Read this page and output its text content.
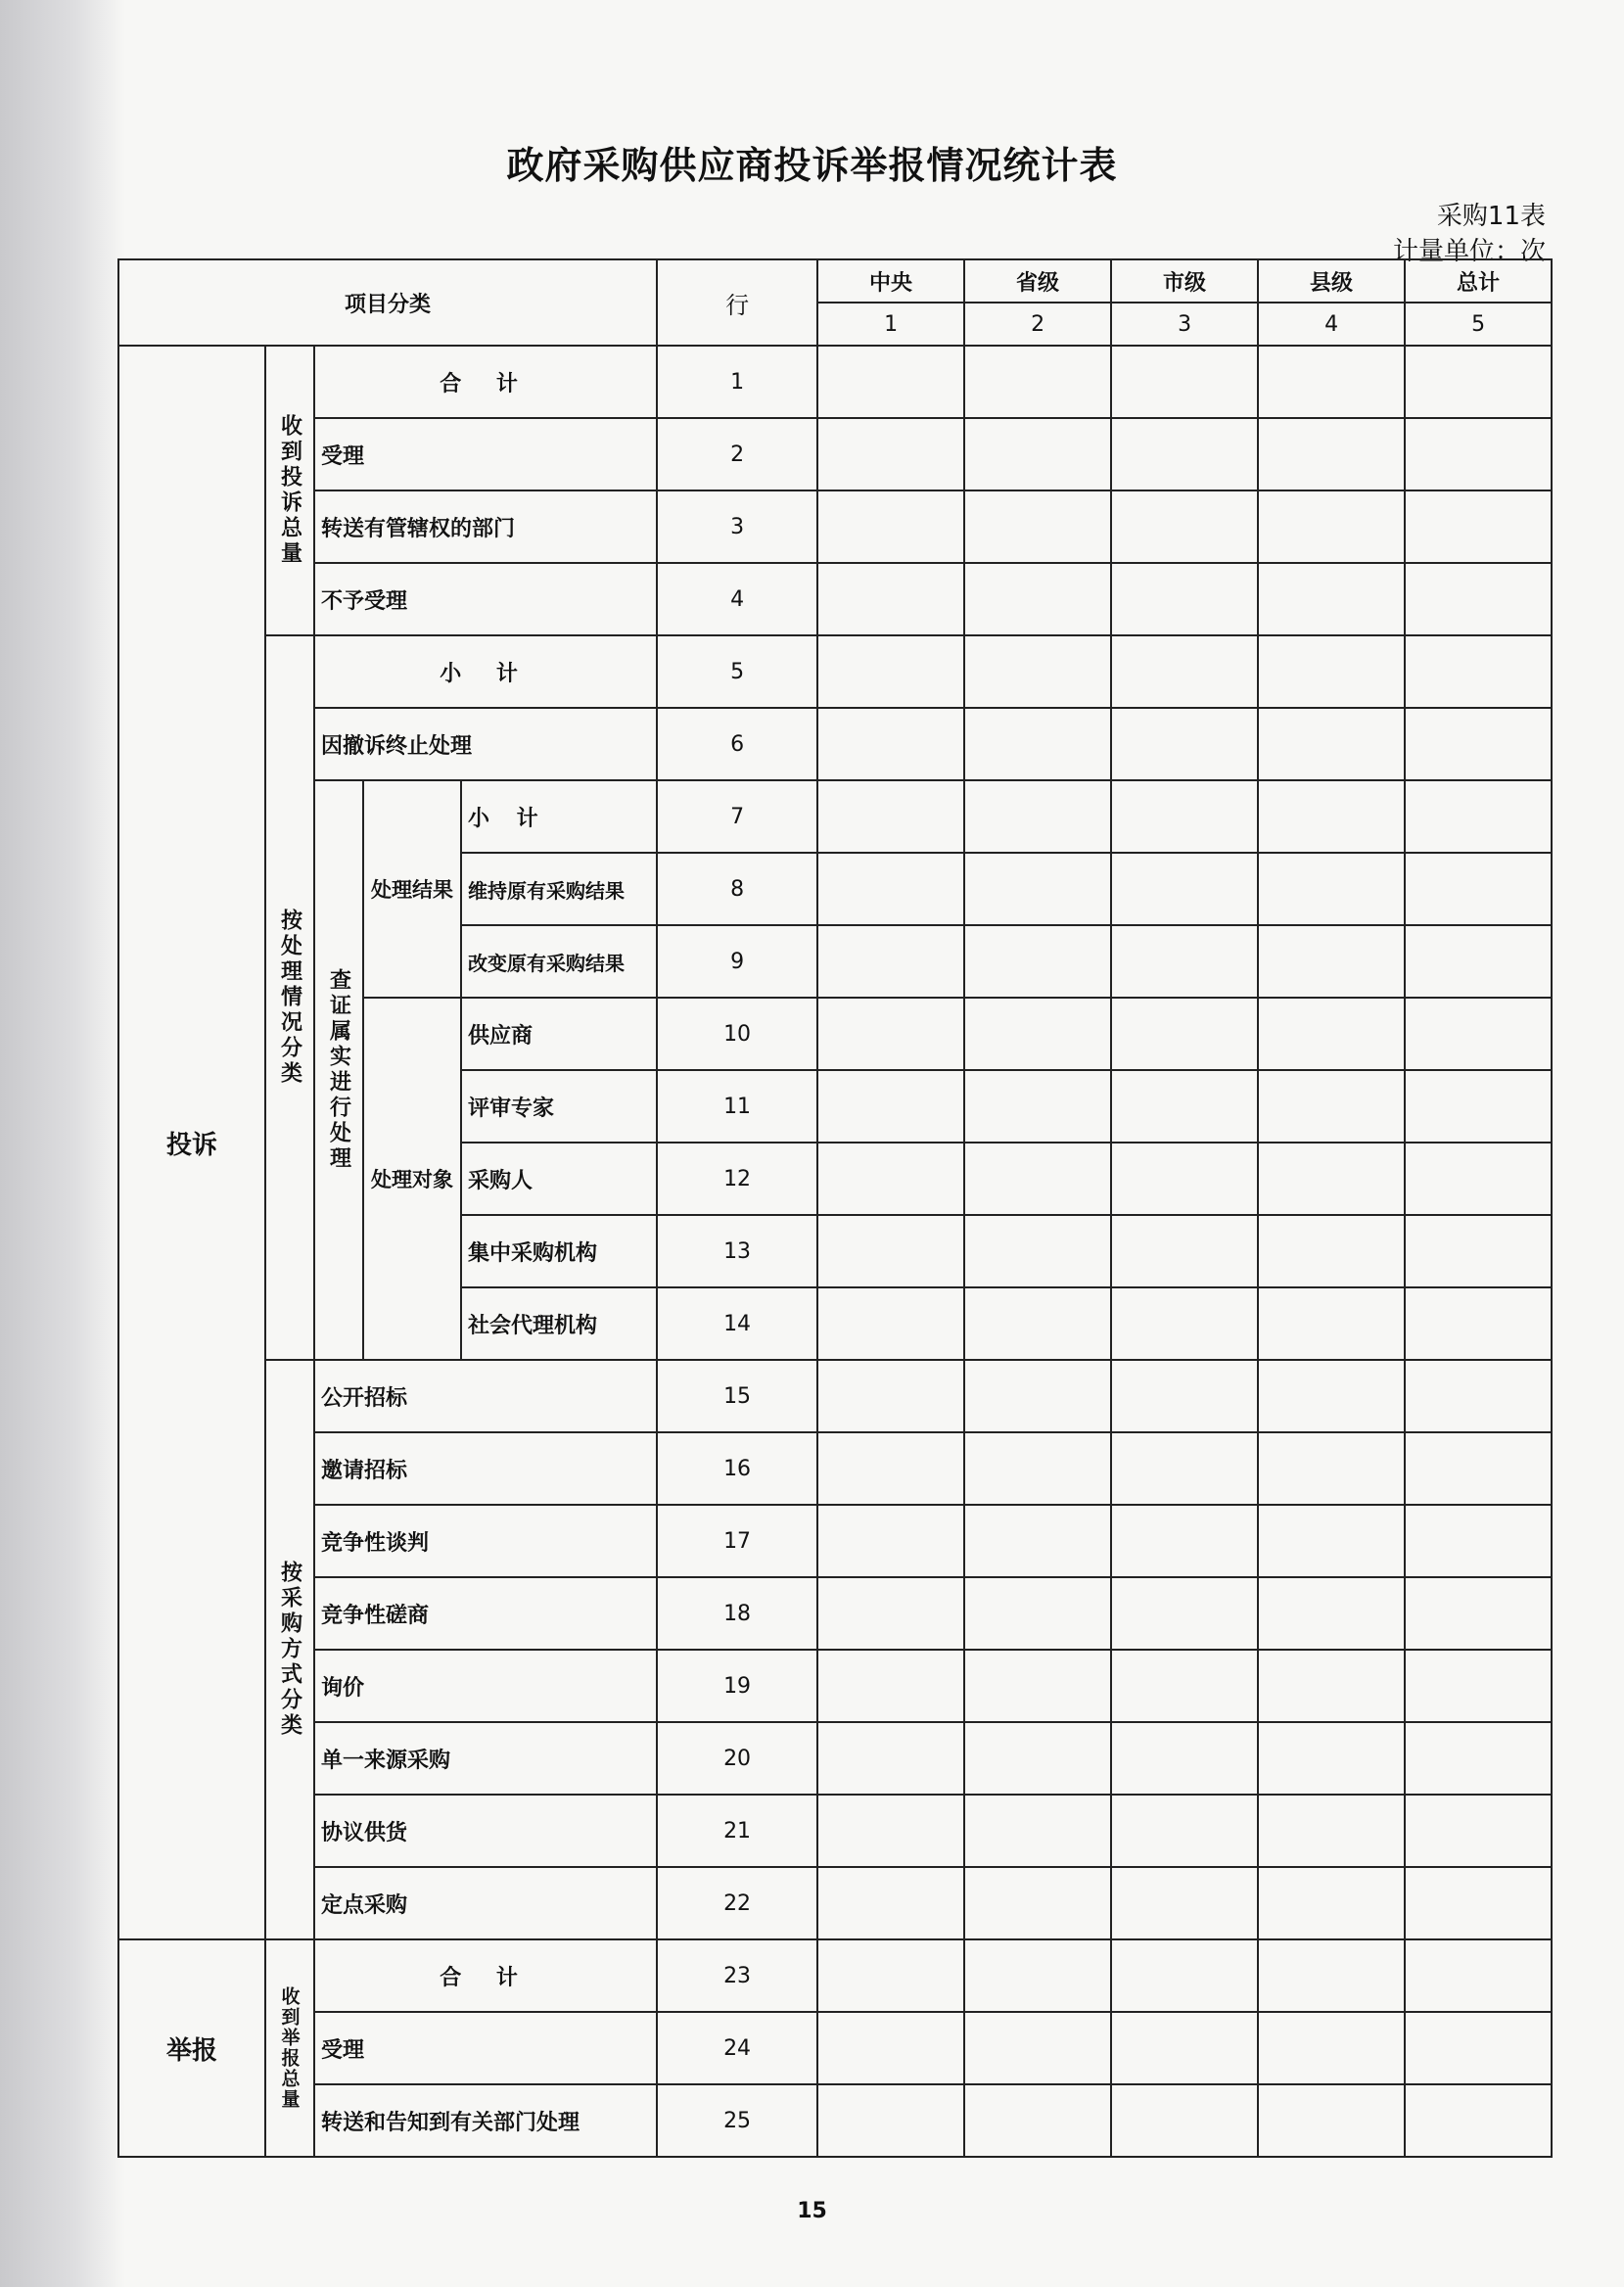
政府采购供应商投诉举报情况统计表
采购11表
计量单位：次
项目分类					行	中央	省级	市级	县级	总计
						1	2	3	4	5
投诉	收到投诉总量	合 计			1					
		受理			2					
		转送有管辖权的部门			3					
		不予受理			4					

	按处理情况分类	小 计			5					
		因撤诉终止处理			6					

		查证属实进行处理	处理结果	小 计	7					
				维持原有采购结果	8					
				改变原有采购结果	9					
			处理对象	供应商	10					
				评审专家	11					
				采购人	12					
				集中采购机构	13					
				社会代理机构	14					

	按采购方式分类	公开招标			15					
		邀请招标			16					
		竞争性谈判			17					
		竞争性磋商			18					
		询价			19					
		单一来源采购			20					
		协议供货			21					
		定点采购			22					
举报	收到举报总量	合 计			23					
		受理			24					
		转送和告知到有关部门处理			25					
15
